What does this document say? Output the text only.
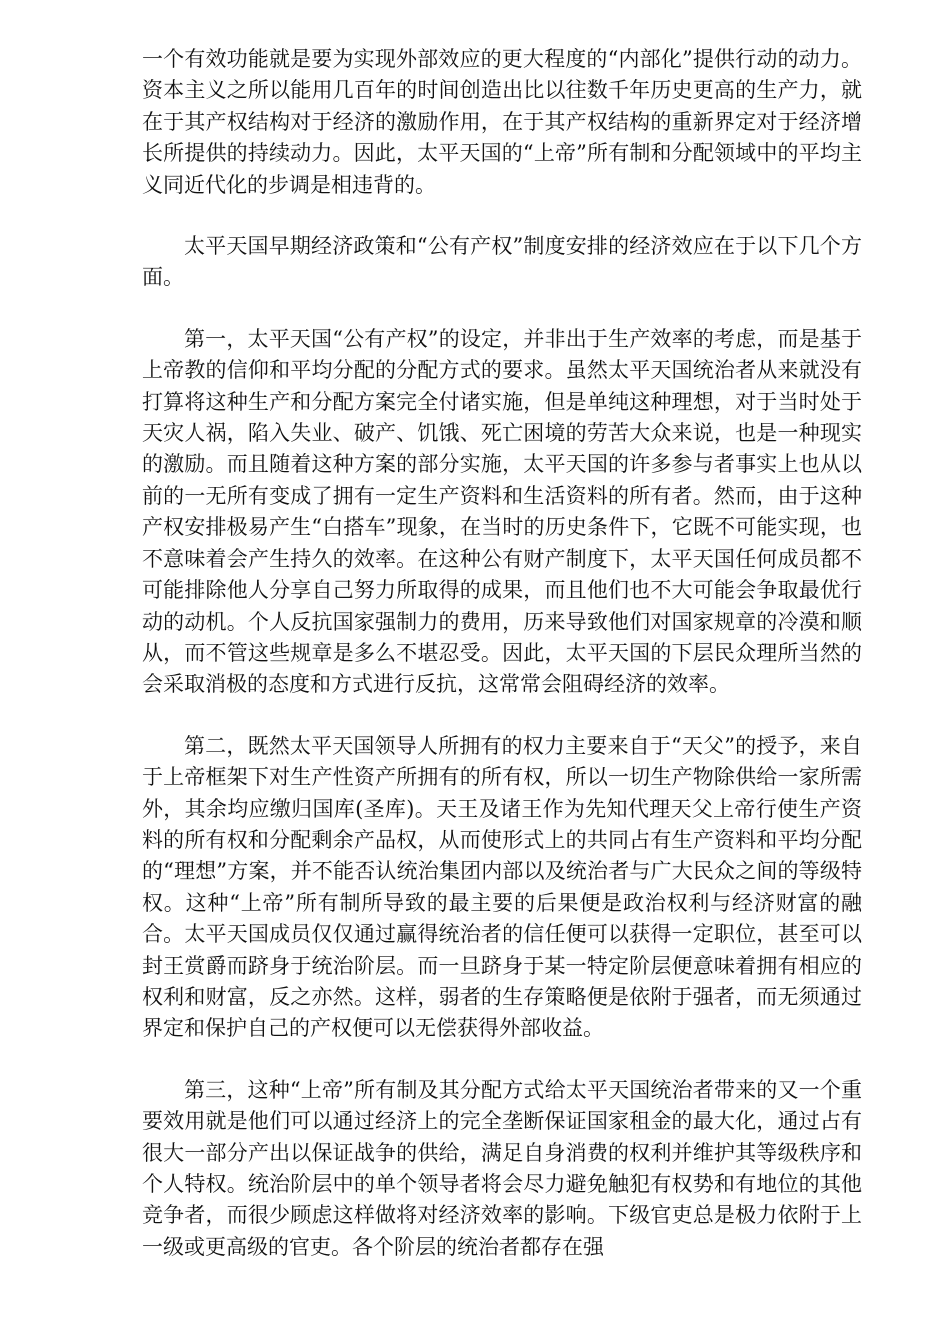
一个有效功能就是要为实现外部效应的更大程度的“内部化”提供行动的动力。资本主义之所以能用几百年的时间创造出比以往数千年历史更高的生产力，就在于其产权结构对于经济的激励作用，在于其产权结构的重新界定对于经济增长所提供的持续动力。因此，太平天国的“上帝”所有制和分配领域中的平均主义同近代化的步调是相违背的。

太平天国早期经济政策和“公有产权”制度安排的经济效应在于以下几个方面。

第一，太平天国“公有产权”的设定，并非出于生产效率的考虑，而是基于上帝教的信仰和平均分配的分配方式的要求。虽然太平天国统治者从来就没有打算将这种生产和分配方案完全付诸实施，但是单纯这种理想，对于当时处于天灾人祸，陷入失业、破产、饥饿、死亡困境的劳苦大众来说，也是一种现实的激励。而且随着这种方案的部分实施，太平天国的许多参与者事实上也从以前的一无所有变成了拥有一定生产资料和生活资料的所有者。然而，由于这种产权安排极易产生“白搭车”现象，在当时的历史条件下，它既不可能实现，也不意味着会产生持久的效率。在这种公有财产制度下，太平天国任何成员都不可能排除他人分享自己努力所取得的成果，而且他们也不大可能会争取最优行动的动机。个人反抗国家强制力的费用，历来导致他们对国家规章的冷漠和顺从，而不管这些规章是多么不堪忍受。因此，太平天国的下层民众理所当然的会采取消极的态度和方式进行反抗，这常常会阻碍经济的效率。

第二，既然太平天国领导人所拥有的权力主要来自于“天父”的授予，来自于上帝框架下对生产性资产所拥有的所有权，所以一切生产物除供给一家所需外，其余均应缴归国库(圣库)。天王及诸王作为先知代理天父上帝行使生产资料的所有权和分配剩余产品权，从而使形式上的共同占有生产资料和平均分配的“理想”方案，并不能否认统治集团内部以及统治者与广大民众之间的等级特权。这种“上帝”所有制所导致的最主要的后果便是政治权利与经济财富的融合。太平天国成员仅仅通过赢得统治者的信任便可以获得一定职位，甚至可以封王赏爵而跻身于统治阶层。而一旦跻身于某一特定阶层便意味着拥有相应的权利和财富，反之亦然。这样，弱者的生存策略便是依附于强者，而无须通过界定和保护自己的产权便可以无偿获得外部收益。

第三，这种“上帝”所有制及其分配方式给太平天国统治者带来的又一个重要效用就是他们可以通过经济上的完全垄断保证国家租金的最大化，通过占有很大一部分产出以保证战争的供给，满足自身消费的权利并维护其等级秩序和个人特权。统治阶层中的单个领导者将会尽力避免触犯有权势和有地位的其他竞争者，而很少顾虑这样做将对经济效率的影响。下级官吏总是极力依附于上一级或更高级的官吏。各个阶层的统治者都存在强
